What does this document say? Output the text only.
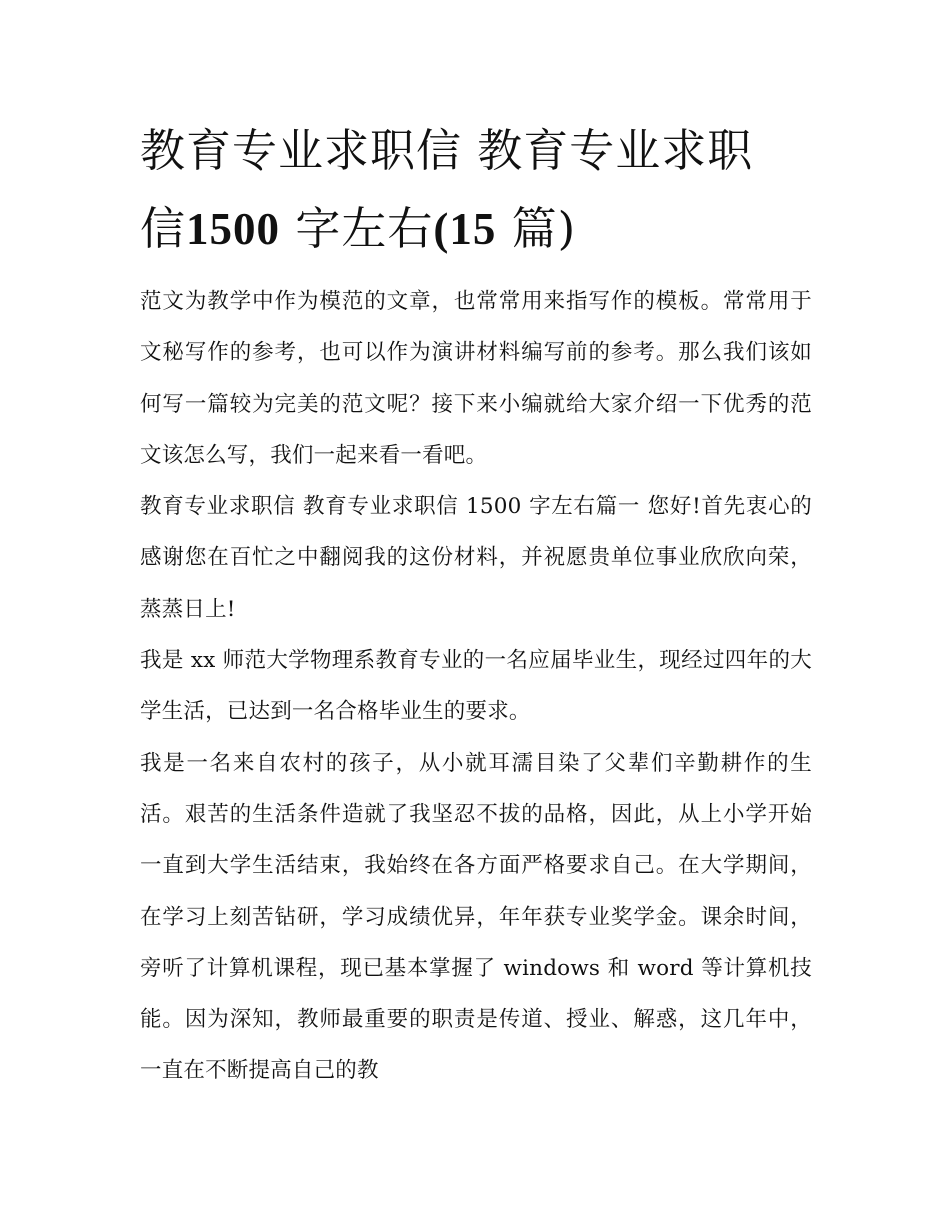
教育专业求职信 教育专业求职
信1500 字左右(15 篇)

范文为教学中作为模范的文章，也常常用来指写作的模板。常常用于文秘写作的参考，也可以作为演讲材料编写前的参考。那么我们该如何写一篇较为完美的范文呢？接下来小编就给大家介绍一下优秀的范文该怎么写，我们一起来看一看吧。

教育专业求职信 教育专业求职信 1500 字左右篇一 您好!首先衷心的感谢您在百忙之中翻阅我的这份材料，并祝愿贵单位事业欣欣向荣，蒸蒸日上!

我是 xx 师范大学物理系教育专业的一名应届毕业生，现经过四年的大学生活，已达到一名合格毕业生的要求。

我是一名来自农村的孩子，从小就耳濡目染了父辈们辛勤耕作的生活。艰苦的生活条件造就了我坚忍不拔的品格，因此，从上小学开始一直到大学生活结束，我始终在各方面严格要求自己。在大学期间，在学习上刻苦钻研，学习成绩优异，年年获专业奖学金。课余时间，旁听了计算机课程，现已基本掌握了 windows 和 word 等计算机技能。因为深知，教师最重要的职责是传道、授业、解惑，这几年中，一直在不断提高自己的教
